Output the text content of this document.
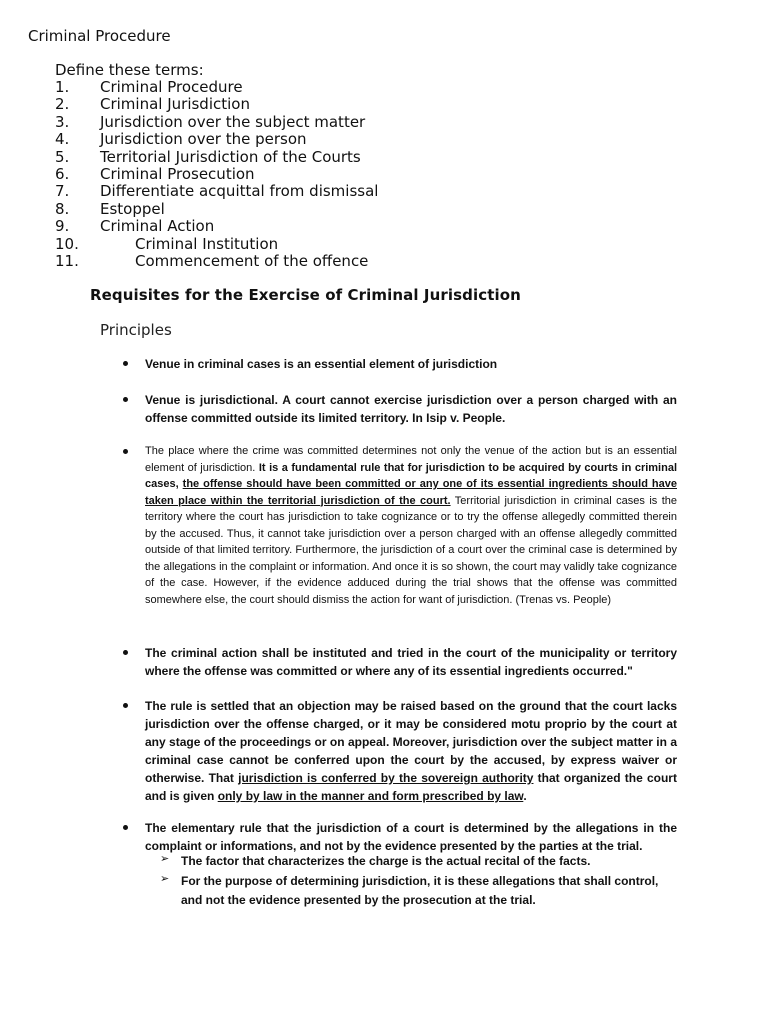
Criminal Procedure
Define these terms:
1. Criminal Procedure
2. Criminal Jurisdiction
3. Jurisdiction over the subject matter
4. Jurisdiction over the person
5. Territorial Jurisdiction of the Courts
6. Criminal Prosecution
7. Differentiate acquittal from dismissal
8. Estoppel
9. Criminal Action
10.	Criminal Institution
11.	Commencement of the offence
Requisites for the Exercise of Criminal Jurisdiction
Principles
Venue in criminal cases is an essential element of jurisdiction
Venue is jurisdictional. A court cannot exercise jurisdiction over a person charged with an offense committed outside its limited territory. In Isip v. People.
The place where the crime was committed determines not only the venue of the action but is an essential element of jurisdiction. It is a fundamental rule that for jurisdiction to be acquired by courts in criminal cases, the offense should have been committed or any one of its essential ingredients should have taken place within the territorial jurisdiction of the court. Territorial jurisdiction in criminal cases is the territory where the court has jurisdiction to take cognizance or to try the offense allegedly committed therein by the accused. Thus, it cannot take jurisdiction over a person charged with an offense allegedly committed outside of that limited territory. Furthermore, the jurisdiction of a court over the criminal case is determined by the allegations in the complaint or information. And once it is so shown, the court may validly take cognizance of the case. However, if the evidence adduced during the trial shows that the offense was committed somewhere else, the court should dismiss the action for want of jurisdiction. (Trenas vs. People)
The criminal action shall be instituted and tried in the court of the municipality or territory where the offense was committed or where any of its essential ingredients occurred."
The rule is settled that an objection may be raised based on the ground that the court lacks jurisdiction over the offense charged, or it may be considered motu proprio by the court at any stage of the proceedings or on appeal. Moreover, jurisdiction over the subject matter in a criminal case cannot be conferred upon the court by the accused, by express waiver or otherwise. That jurisdiction is conferred by the sovereign authority that organized the court and is given only by law in the manner and form prescribed by law.
The elementary rule that the jurisdiction of a court is determined by the allegations in the complaint or informations, and not by the evidence presented by the parties at the trial.
➢ The factor that characterizes the charge is the actual recital of the facts.
➢ For the purpose of determining jurisdiction, it is these allegations that shall control, and not the evidence presented by the prosecution at the trial.
